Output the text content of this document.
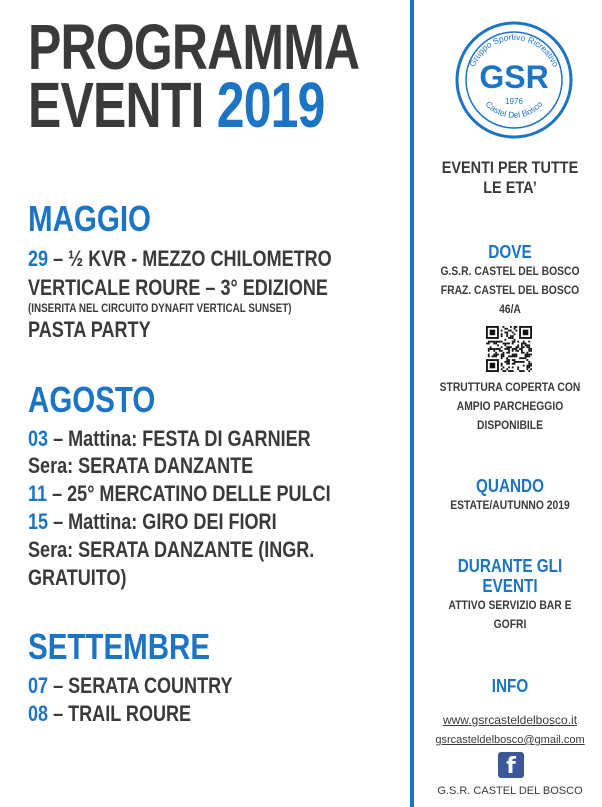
PROGRAMMA
EVENTI 2019
MAGGIO
29 – ½ KVR - MEZZO CHILOMETRO
VERTICALE ROURE – 3° EDIZIONE
(INSERITA NEL CIRCUITO DYNAFIT VERTICAL SUNSET)
PASTA PARTY
AGOSTO
03 – Mattina: FESTA DI GARNIER
Sera: SERATA DANZANTE
11 – 25° MERCATINO DELLE PULCI
15 – Mattina: GIRO DEI FIORI
Sera: SERATA DANZANTE (INGR.
GRATUITO)
SETTEMBRE
07 – SERATA COUNTRY
08 – TRAIL ROURE
Gruppo Sportivo Ricreativo
GSR
1976
Castel Del Bosco
EVENTI PER TUTTE
LE ETA’
DOVE
G.S.R. CASTEL DEL BOSCO
FRAZ. CASTEL DEL BOSCO
46/A
STRUTTURA COPERTA CON
AMPIO PARCHEGGIO
DISPONIBILE
QUANDO
ESTATE/AUTUNNO 2019
DURANTE GLI
EVENTI
ATTIVO SERVIZIO BAR E
GOFRI
INFO
www.gsrcasteldelbosco.it
gsrcasteldelbosco@gmail.com
G.S.R. CASTEL DEL BOSCO
f
